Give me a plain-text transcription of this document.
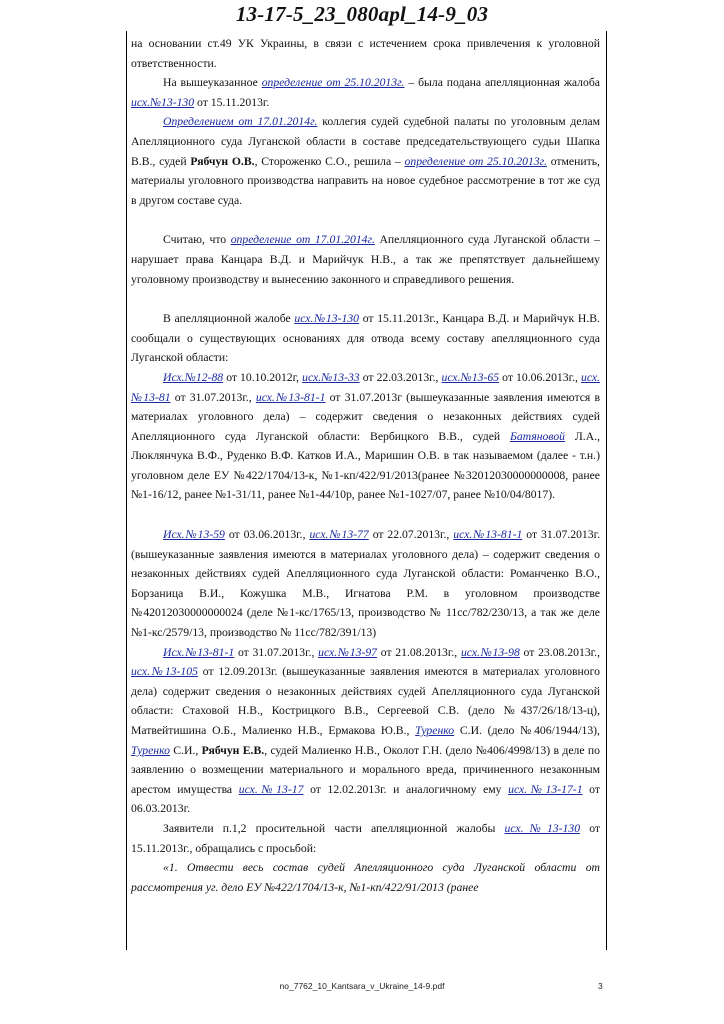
13-17-5_23_080apl_14-9_03

на основании ст.49 УК Украины, в связи с истечением срока привлечения к уголовной ответственности.

На вышеуказанное определение от 25.10.2013г. – была подана апелляционная жалоба исх.№13-130 от 15.11.2013г.

Определением от 17.01.2014г. коллегия судей судебной палаты по уголовным делам Апелляционного суда Луганской области в составе председательствующего судьи Шапка В.В., судей Рябчун О.В., Стороженко С.О., решила – определение от 25.10.2013г. отменить, материалы уголовного производства направить на новое судебное рассмотрение в тот же суд в другом составе суда.

Считаю, что определение от 17.01.2014г. Апелляционного суда Луганской области – нарушает права Канцара В.Д. и Марийчук Н.В., а так же препятствует дальнейшему уголовному производству и вынесению законного и справедливого решения.

В апелляционной жалобе исх.№13-130 от 15.11.2013г., Канцара В.Д. и Марийчук Н.В. сообщали о существующих основаниях для отвода всему составу апелляционного суда Луганской области:

Исх.№12-88 от 10.10.2012г, исх.№13-33 от 22.03.2013г., исх.№13-65 от 10.06.2013г., исх.№13-81 от 31.07.2013г., исх.№13-81-1 от 31.07.2013г (вышеуказанные заявления имеются в материалах уголовного дела) – содержит сведения о незаконных действиях судей Апелляционного суда Луганской области: Вербицкого В.В., судей Батяновой Л.А., Люклянчука В.Ф., Руденко В.Ф. Катков И.А., Маришин О.В. в так называемом (далее - т.н.) уголовном деле ЕУ №422/1704/13-к, №1-кп/422/91/2013(ранее №32012030000000008, ранее №1-16/12, ранее №1-31/11, ранее №1-44/10р, ранее №1-1027/07, ранее №10/04/8017).

Исх.№13-59 от 03.06.2013г., исх.№13-77 от 22.07.2013г., исх.№13-81-1 от 31.07.2013г. (вышеуказанные заявления имеются в материалах уголовного дела) – содержит сведения о незаконных действиях судей Апелляционного суда Луганской области: Романченко В.О., Борзаница В.И., Кожушка М.В., Игнатова Р.М. в уголовном производстве №42012030000000024 (деле №1-кс/1765/13, производство № 11сс/782/230/13, а так же деле №1-кс/2579/13, производство № 11сс/782/391/13)

Исх.№13-81-1 от 31.07.2013г., исх.№13-97 от 21.08.2013г., исх.№13-98 от 23.08.2013г., исх.№13-105 от 12.09.2013г. (вышеуказанные заявления имеются в материалах уголовного дела) содержит сведения о незаконных действиях судей Апелляционного суда Луганской области: Стаховой Н.В., Кострицкого В.В., Сергеевой С.В. (дело №437/26/18/13-ц), Матвейтишина О.Б., Малиенко Н.В., Ермакова Ю.В., Туренко С.И. (дело №406/1944/13), Туренко С.И., Рябчун Е.В., судей Малиенко Н.В., Околот Г.Н. (дело №406/4998/13) в деле по заявлению о возмещении материального и морального вреда, причиненного незаконным арестом имущества исх.№13-17 от 12.02.2013г. и аналогичному ему исх.№13-17-1 от 06.03.2013г.

Заявители п.1,2 просительной части апелляционной жалобы исх.№13-130 от 15.11.2013г., обращались с просьбой:

«1. Отвести весь состав судей Апелляционного суда Луганской области от рассмотрения уг. дело ЕУ №422/1704/13-к, №1-кп/422/91/2013 (ранее

no_7762_10_Kantsara_v_Ukraine_14-9.pdf	3
